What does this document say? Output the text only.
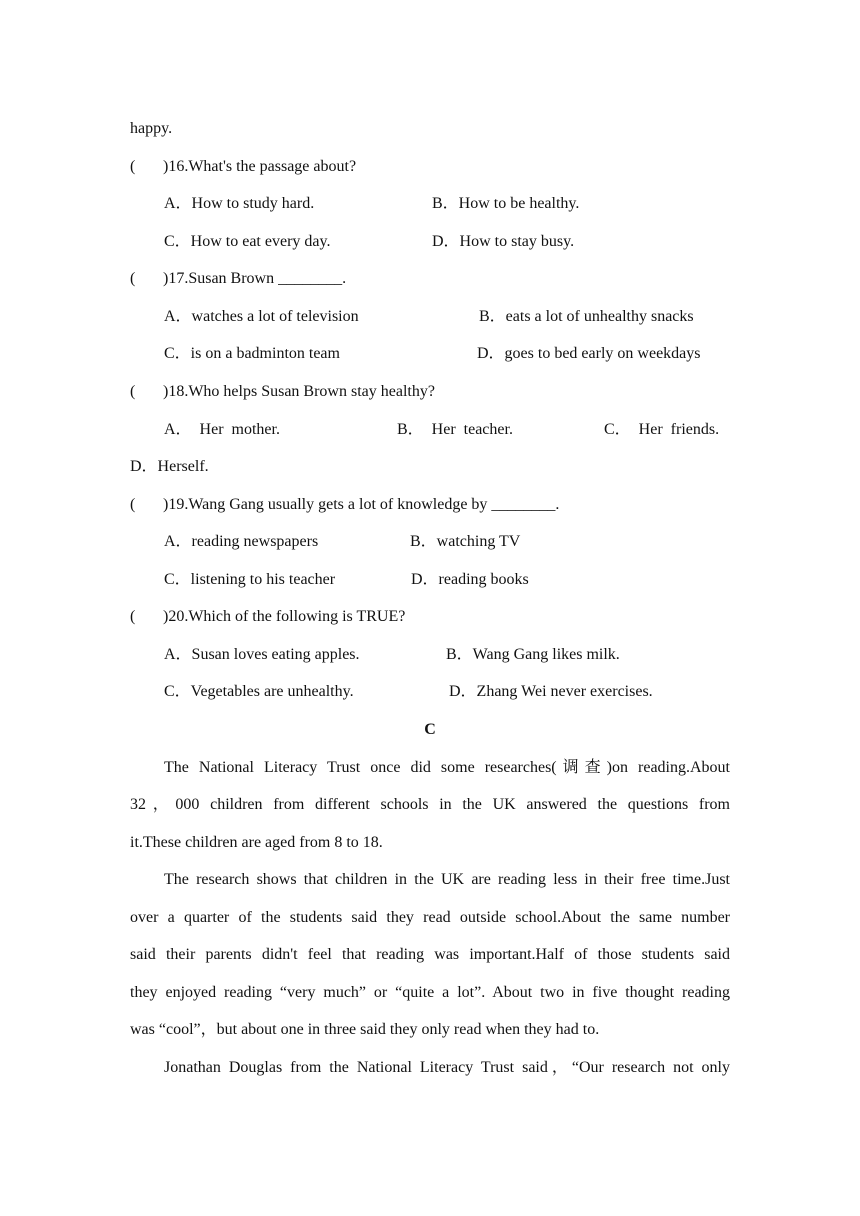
happy.
( )16.What's the passage about?
A．How to study hard.	B．How to be healthy.
C．How to eat every day.	D．How to stay busy.
( )17.Susan Brown ________.
A．watches a lot of television	B．eats a lot of unhealthy snacks
C．is on a badminton team	D．goes to bed early on weekdays
( )18.Who helps Susan Brown stay healthy?
A． Her mother.	B． Her teacher.	C． Her friends.
D．Herself.
( )19.Wang Gang usually gets a lot of knowledge by ________.
A．reading newspapers	B．watching TV
C．listening to his teacher	D．reading books
( )20.Which of the following is TRUE?
A．Susan loves eating apples.	B．Wang Gang likes milk.
C．Vegetables are unhealthy.	D．Zhang Wei never exercises.
C
The National Literacy Trust once did some researches(调查)on reading.About
32，000 children from different schools in the UK answered the questions from
it.These children are aged from 8 to 18.
The research shows that children in the UK are reading less in their free time.Just
over a quarter of the students said they read outside school.About the same number
said their parents didn't feel that reading was important.Half of those students said
they enjoyed reading “very much” or “quite a lot”. About two in five thought reading
was “cool”，but about one in three said they only read when they had to.
Jonathan Douglas from the National Literacy Trust said，“Our research not only
